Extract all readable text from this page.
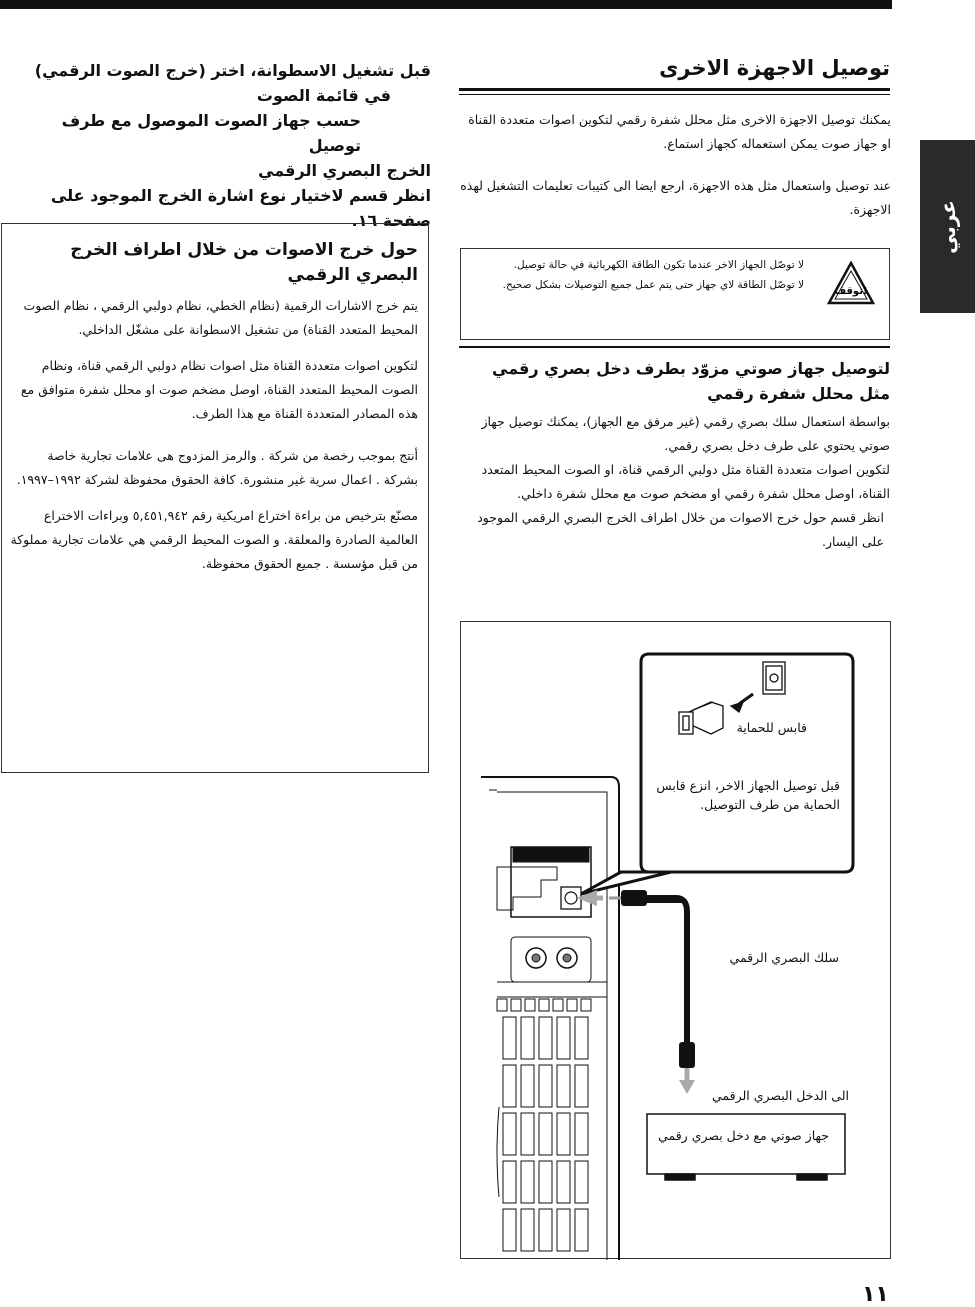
عربي

قبل تشغيل الاسطوانة، اختر (خرج الصوت الرقمي)

في قائمة الصوت

حسب جهاز الصوت الموصول مع طرف توصيل

الخرج البصري الرقمي

انظر قسم لاختيار نوع اشارة الخرج الموجود على صفحة ١٦.

حول خرج الاصوات من خلال اطراف الخرج البصري الرقمي

يتم خرج الاشارات الرقمية (نظام الخطي، نظام دولبي الرقمي ، نظام الصوت المحيط المتعدد القناة) من تشغيل الاسطوانة على مشغّل الداخلي.

لتكوين اصوات متعددة القناة مثل اصوات نظام دولبي الرقمي قناة، ونظام الصوت المحيط المتعدد القناة، اوصل مضخم صوت او محلل شفرة متوافق مع هذه المصادر المتعددة القناة مع هذا الطرف.

أنتج بموجب رخصة من شركة . والرمز المزدوج هى علامات تجارية خاصة بشركة . اعمال سرية غير منشورة. كافة الحقوق محفوظة لشركة ١٩٩٢–١٩٩٧.

مصنّع بترخيص من براءة اختراع امريكية رقم ٥,٤٥١,٩٤٢ وبراءات الاختراع العالمية الصادرة والمعلقة. و الصوت المحيط الرقمي هي علامات تجارية مملوكة من قبل مؤسسة . جميع الحقوق محفوظة.

توصيل الاجهزة الاخرى

يمكنك توصيل الاجهزة الاخرى مثل محلل شفرة رقمي لتكوين اصوات متعددة القناة او جهاز صوت يمكن استعماله كجهاز استماع.

عند توصيل واستعمال مثل هذه الاجهزة، ارجع ايضا الى كتيبات تعليمات التشغيل لهذه الاجهزة.

لا توصّل الجهاز الاخر عندما تكون الطاقة الكهربائية في حالة توصيل.
لا توصّل الطاقة لاي جهاز حتى يتم عمل جميع التوصيلات بشكل صحيح.
توقف!
لتوصيل جهاز صوتي مزوّد بطرف دخل بصري رقمي مثل محلل شفرة رقمي

بواسطة استعمال سلك بصري رقمي (غير مرفق مع الجهاز)، يمكنك توصيل جهاز صوتي يحتوي على طرف دخل بصري رقمي.

لتكوين اصوات متعددة القناة مثل دولبي الرقمي قناة، او الصوت المحيط المتعدد القناة، اوصل محلل شفرة رقمي او مضخم صوت مع محلل شفرة داخلي.

انظر قسم حول خرج الاصوات من خلال اطراف الخرج البصري الرقمي الموجود على اليسار.

قابس للحماية
قبل توصيل الجهاز الاخر، انزع قابس الحماية من طرف التوصيل.
سلك البصري الرقمي
الى الدخل البصري الرقمي
جهاز صوتي مع دخل بصري رقمي
١١
